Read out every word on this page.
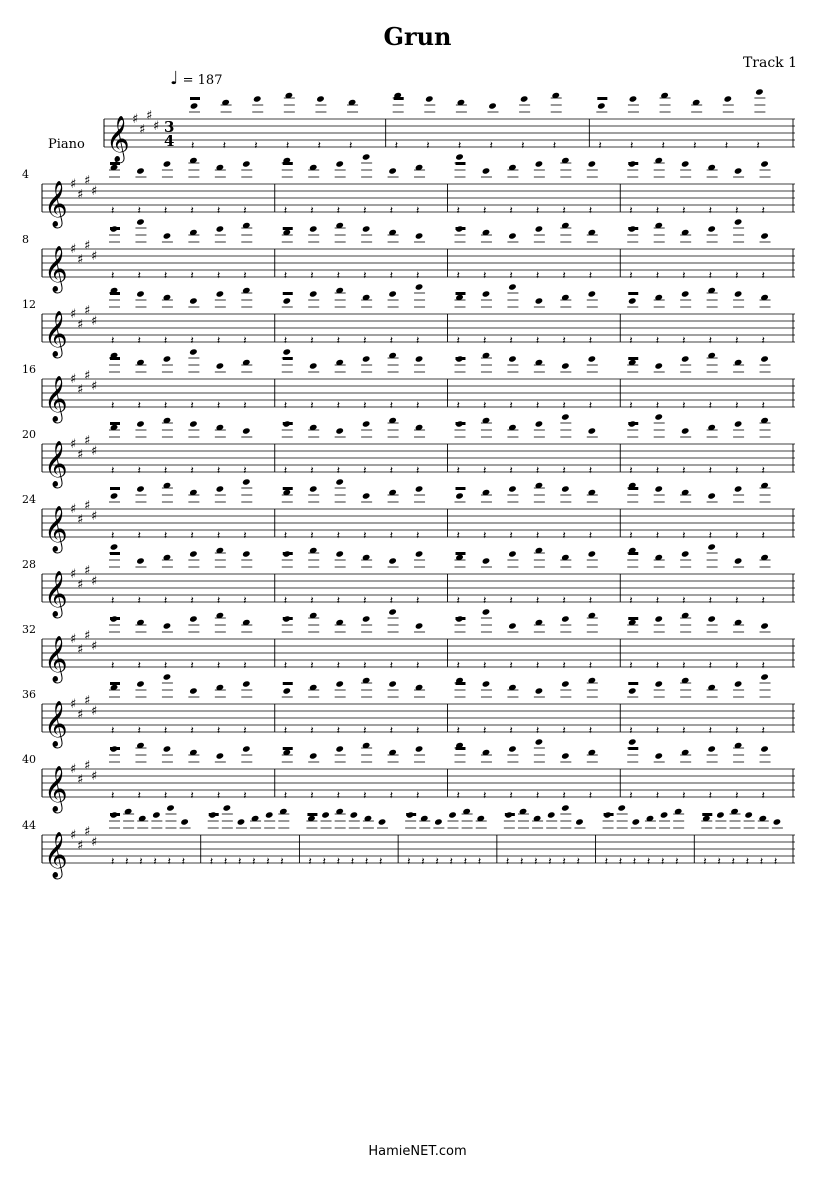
Grun
Track 1
♩ = 187
Piano 𝄞 ♯
♯
♯
♯ 3
4 𝄽	𝄽	𝄽	𝄽	𝄽	𝄽	𝄽	𝄽	𝄽	𝄽	𝄽	𝄽	𝄽	𝄽	𝄽	𝄽	𝄽	𝄽
𝄞 ♯
♯
♯
♯
4
𝄽 𝄽 𝄽 𝄽 𝄽 𝄽	𝄽 𝄽 𝄽 𝄽 𝄽 𝄽	𝄽 𝄽 𝄽 𝄽 𝄽 𝄽	𝄽 𝄽 𝄽 𝄽 𝄽 𝄽
𝄞 ♯
♯
♯
♯
8
𝄽 𝄽 𝄽 𝄽 𝄽 𝄽	𝄽 𝄽 𝄽 𝄽 𝄽 𝄽	𝄽 𝄽 𝄽 𝄽 𝄽 𝄽	𝄽 𝄽 𝄽 𝄽 𝄽 𝄽
𝄞 ♯
♯
♯
♯
12
𝄽 𝄽 𝄽 𝄽 𝄽 𝄽	𝄽 𝄽 𝄽 𝄽 𝄽 𝄽	𝄽 𝄽 𝄽 𝄽 𝄽 𝄽	𝄽 𝄽 𝄽 𝄽 𝄽 𝄽
𝄞 ♯
♯
♯
♯
16
𝄽 𝄽 𝄽 𝄽 𝄽 𝄽	𝄽 𝄽 𝄽 𝄽 𝄽 𝄽	𝄽 𝄽 𝄽 𝄽 𝄽 𝄽	𝄽 𝄽 𝄽 𝄽 𝄽 𝄽
𝄞 ♯
♯
♯
♯
20
𝄽 𝄽 𝄽 𝄽 𝄽 𝄽	𝄽 𝄽 𝄽 𝄽 𝄽 𝄽	𝄽 𝄽 𝄽 𝄽 𝄽 𝄽	𝄽 𝄽 𝄽 𝄽 𝄽 𝄽
𝄞 ♯
♯
♯
♯
24
𝄽 𝄽 𝄽 𝄽 𝄽 𝄽	𝄽 𝄽 𝄽 𝄽 𝄽 𝄽	𝄽 𝄽 𝄽 𝄽 𝄽 𝄽	𝄽 𝄽 𝄽 𝄽 𝄽 𝄽
𝄞 ♯
♯
♯
♯
28
𝄽 𝄽 𝄽 𝄽 𝄽 𝄽	𝄽 𝄽 𝄽 𝄽 𝄽 𝄽	𝄽 𝄽 𝄽 𝄽 𝄽 𝄽	𝄽 𝄽 𝄽 𝄽 𝄽 𝄽
𝄞 ♯
♯
♯
♯
32
𝄽 𝄽 𝄽 𝄽 𝄽 𝄽	𝄽 𝄽 𝄽 𝄽 𝄽 𝄽	𝄽 𝄽 𝄽 𝄽 𝄽 𝄽	𝄽 𝄽 𝄽 𝄽 𝄽 𝄽
𝄞 ♯
♯
♯
♯
36
𝄽 𝄽 𝄽 𝄽 𝄽 𝄽	𝄽 𝄽 𝄽 𝄽 𝄽 𝄽	𝄽 𝄽 𝄽 𝄽 𝄽 𝄽	𝄽 𝄽 𝄽 𝄽 𝄽 𝄽
𝄞 ♯
♯
♯
♯
40
𝄽 𝄽 𝄽 𝄽 𝄽 𝄽	𝄽 𝄽 𝄽 𝄽 𝄽 𝄽	𝄽 𝄽 𝄽 𝄽 𝄽 𝄽	𝄽 𝄽 𝄽 𝄽 𝄽 𝄽
𝄞 ♯
♯
♯
♯
44
𝄽 𝄽 𝄽 𝄽 𝄽 𝄽 𝄽 𝄽 𝄽 𝄽 𝄽 𝄽 𝄽 𝄽 𝄽 𝄽 𝄽 𝄽 𝄽 𝄽 𝄽 𝄽 𝄽 𝄽 𝄽 𝄽 𝄽 𝄽 𝄽 𝄽 𝄽 𝄽 𝄽 𝄽 𝄽 𝄽 𝄽 𝄽 𝄽 𝄽 𝄽 𝄽
HamieNET.com
